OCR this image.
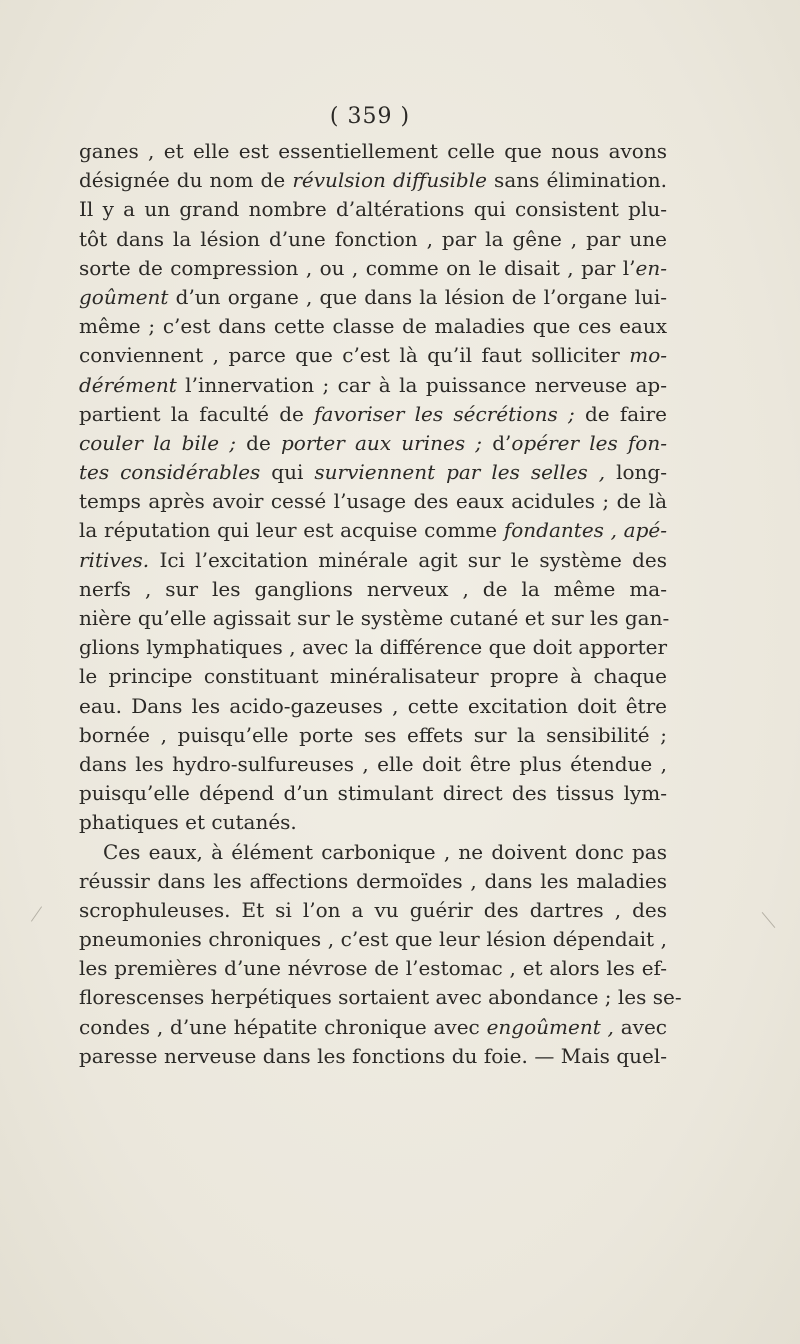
( 359 )
ganes , et elle est essentiellement celle que nous avons
désignée du nom de révulsion diffusible sans élimination.
Il y a un grand nombre d’altérations qui consistent plu-
tôt dans la lésion d’une fonction , par la gêne , par une
sorte de compression , ou , comme on le disait , par l’en-
goûment d’un organe , que dans la lésion de l’organe lui-
même ; c’est dans cette classe de maladies que ces eaux
conviennent , parce que c’est là qu’il faut solliciter mo-
dérément l’innervation ; car à la puissance nerveuse ap-
partient la faculté de favoriser les sécrétions ; de faire
couler la bile ; de porter aux urines ; d’opérer les fon-
tes considérables qui surviennent par les selles , long-
temps après avoir cessé l’usage des eaux acidules ; de là
la réputation qui leur est acquise comme fondantes , apé-
ritives. Ici l’excitation minérale agit sur le système des
nerfs , sur les ganglions nerveux , de la même ma-
nière qu’elle agissait sur le système cutané et sur les gan-
glions lymphatiques , avec la différence que doit apporter
le principe constituant minéralisateur propre à chaque
eau. Dans les acido-gazeuses , cette excitation doit être
bornée , puisqu’elle porte ses effets sur la sensibilité ;
dans les hydro-sulfureuses , elle doit être plus étendue ,
puisqu’elle dépend d’un stimulant direct des tissus lym-
phatiques et cutanés.
Ces eaux, à élément carbonique , ne doivent donc pas
réussir dans les affections dermoïdes , dans les maladies
scrophuleuses. Et si l’on a vu guérir des dartres , des
pneumonies chroniques , c’est que leur lésion dépendait ,
les premières d’une névrose de l’estomac , et alors les ef-
florescenses herpétiques sortaient avec abondance ; les se-
condes , d’une hépatite chronique avec engoûment , avec
paresse nerveuse dans les fonctions du foie. — Mais quel-
